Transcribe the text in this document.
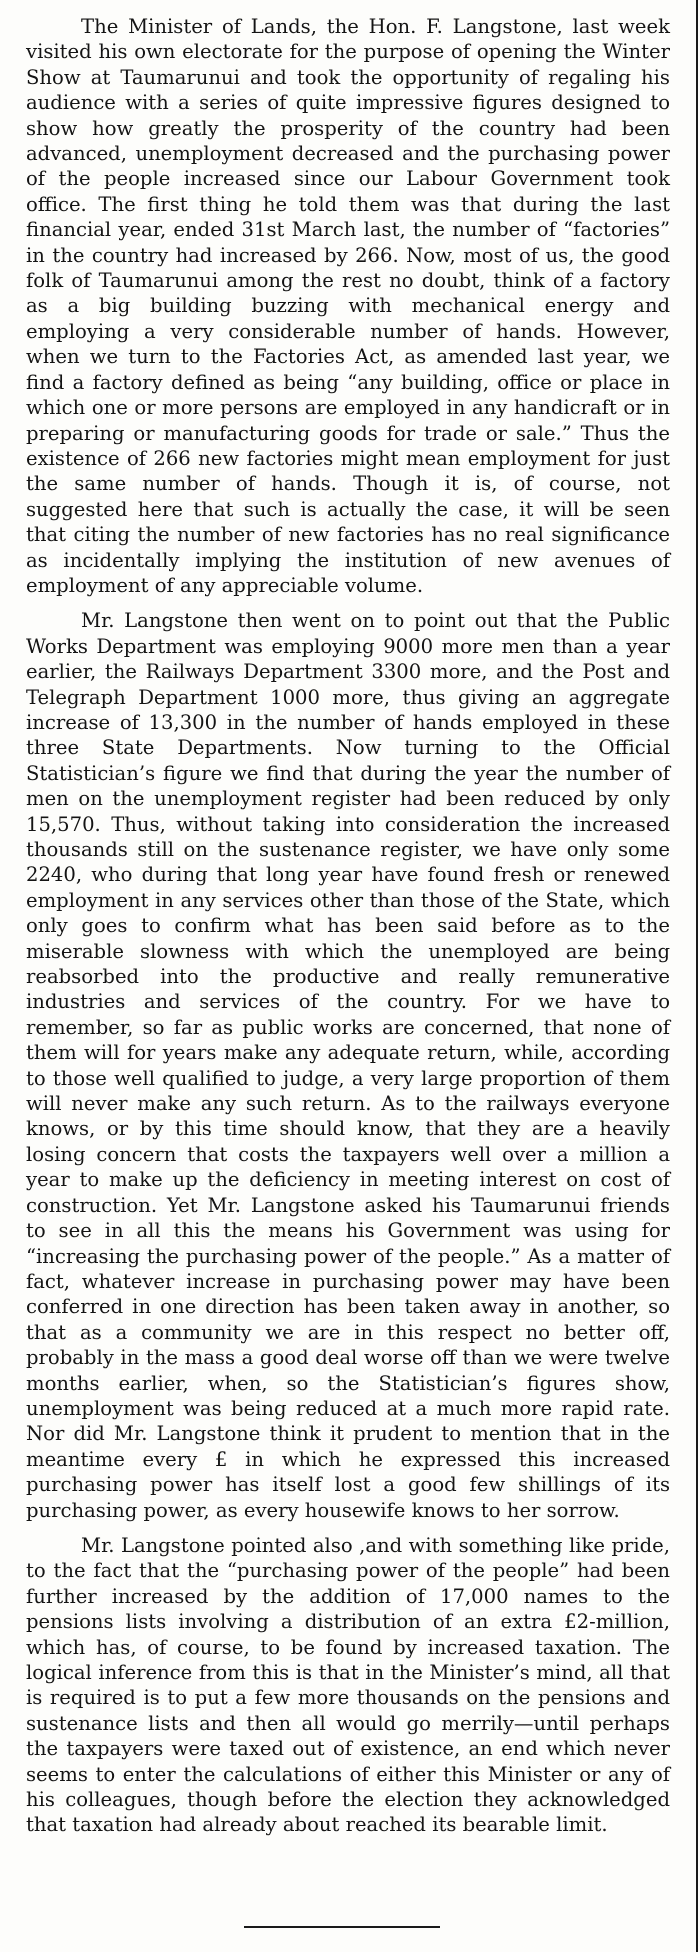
The Minister of Lands, the Hon. F. Langstone, last week visited his own electorate for the purpose of opening the Winter Show at Taumarunui and took the opportunity of regaling his audience with a series of quite impressive figures designed to show how greatly the prosperity of the country had been advanced, unemployment decreased and the purchasing power of the people increased since our Labour Government took office. The first thing he told them was that during the last financial year, ended 31st March last, the number of “factories” in the country had increased by 266. Now, most of us, the good folk of Taumarunui among the rest no doubt, think of a factory as a big building buzzing with mechanical energy and employing a very considerable number of hands. However, when we turn to the Factories Act, as amended last year, we find a factory defined as being “any building, office or place in which one or more persons are employed in any handicraft or in preparing or manufacturing goods for trade or sale.” Thus the existence of 266 new factories might mean employment for just the same number of hands. Though it is, of course, not suggested here that such is actually the case, it will be seen that citing the number of new factories has no real significance as incidentally implying the institution of new avenues of employment of any appreciable volume.

Mr. Langstone then went on to point out that the Public Works Department was employing 9000 more men than a year earlier, the Railways Department 3300 more, and the Post and Telegraph Department 1000 more, thus giving an aggregate increase of 13,300 in the number of hands employed in these three State Departments. Now turning to the Official Statistician’s figure we find that during the year the number of men on the unemployment register had been reduced by only 15,570. Thus, without taking into consideration the increased thousands still on the sustenance register, we have only some 2240, who during that long year have found fresh or renewed employment in any services other than those of the State, which only goes to confirm what has been said before as to the miserable slowness with which the unemployed are being reabsorbed into the productive and really remunerative industries and services of the country. For we have to remember, so far as public works are concerned, that none of them will for years make any adequate return, while, according to those well qualified to judge, a very large proportion of them will never make any such return. As to the railways everyone knows, or by this time should know, that they are a heavily losing concern that costs the taxpayers well over a million a year to make up the deficiency in meeting interest on cost of construction. Yet Mr. Langstone asked his Taumarunui friends to see in all this the means his Government was using for “increasing the purchasing power of the people.” As a matter of fact, whatever increase in purchasing power may have been conferred in one direction has been taken away in another, so that as a community we are in this respect no better off, probably in the mass a good deal worse off than we were twelve months earlier, when, so the Statistician’s figures show, unemployment was being reduced at a much more rapid rate. Nor did Mr. Langstone think it prudent to mention that in the meantime every £ in which he expressed this increased purchasing power has itself lost a good few shillings of its purchasing power, as every housewife knows to her sorrow.

Mr. Langstone pointed also ,and with something like pride, to the fact that the “purchasing power of the people” had been further increased by the addition of 17,000 names to the pensions lists involving a distribution of an extra £2-million, which has, of course, to be found by increased taxation. The logical inference from this is that in the Minister’s mind, all that is required is to put a few more thousands on the pensions and sustenance lists and then all would go merrily—until perhaps the taxpayers were taxed out of existence, an end which never seems to enter the calculations of either this Minister or any of his colleagues, though before the election they acknowledged that taxation had already about reached its bearable limit.
